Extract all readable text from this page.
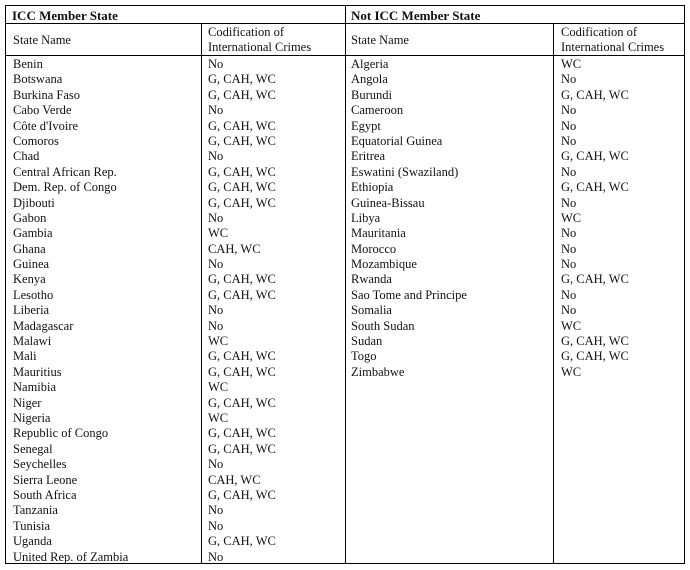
ICC Member State	Not ICC Member State
State Name
Codification of International Crimes	State Name
Codification of International Crimes
Benin
Botswana
Burkina Faso
Cabo Verde
Côte d'Ivoire
Comoros
Chad
Central African Rep.
Dem. Rep. of Congo
Djibouti
Gabon
Gambia
Ghana
Guinea
Kenya
Lesotho
Liberia
Madagascar
Malawi
Mali
Mauritius
Namibia
Niger
Nigeria
Republic of Congo
Senegal
Seychelles
Sierra Leone
South Africa
Tanzania
Tunisia
Uganda
United Rep. of Zambia
No
G, CAH, WC
G, CAH, WC
No
G, CAH, WC
G, CAH, WC
No
G, CAH, WC
G, CAH, WC
G, CAH, WC
No
WC
CAH, WC
No
G, CAH, WC
G, CAH, WC
No
No
WC
G, CAH, WC
G, CAH, WC
WC
G, CAH, WC
WC
G, CAH, WC
G, CAH, WC
No
CAH, WC
G, CAH, WC
No
No
G, CAH, WC
No
Algeria
Angola
Burundi
Cameroon
Egypt
Equatorial Guinea
Eritrea
Eswatini (Swaziland)
Ethiopia
Guinea-Bissau
Libya
Mauritania
Morocco
Mozambique
Rwanda
Sao Tome and Principe
Somalia
South Sudan
Sudan
Togo
Zimbabwe
WC
No
G, CAH, WC
No
No
No
G, CAH, WC
No
G, CAH, WC
No
WC
No
No
No
G, CAH, WC
No
No
WC
G, CAH, WC
G, CAH, WC
WC
